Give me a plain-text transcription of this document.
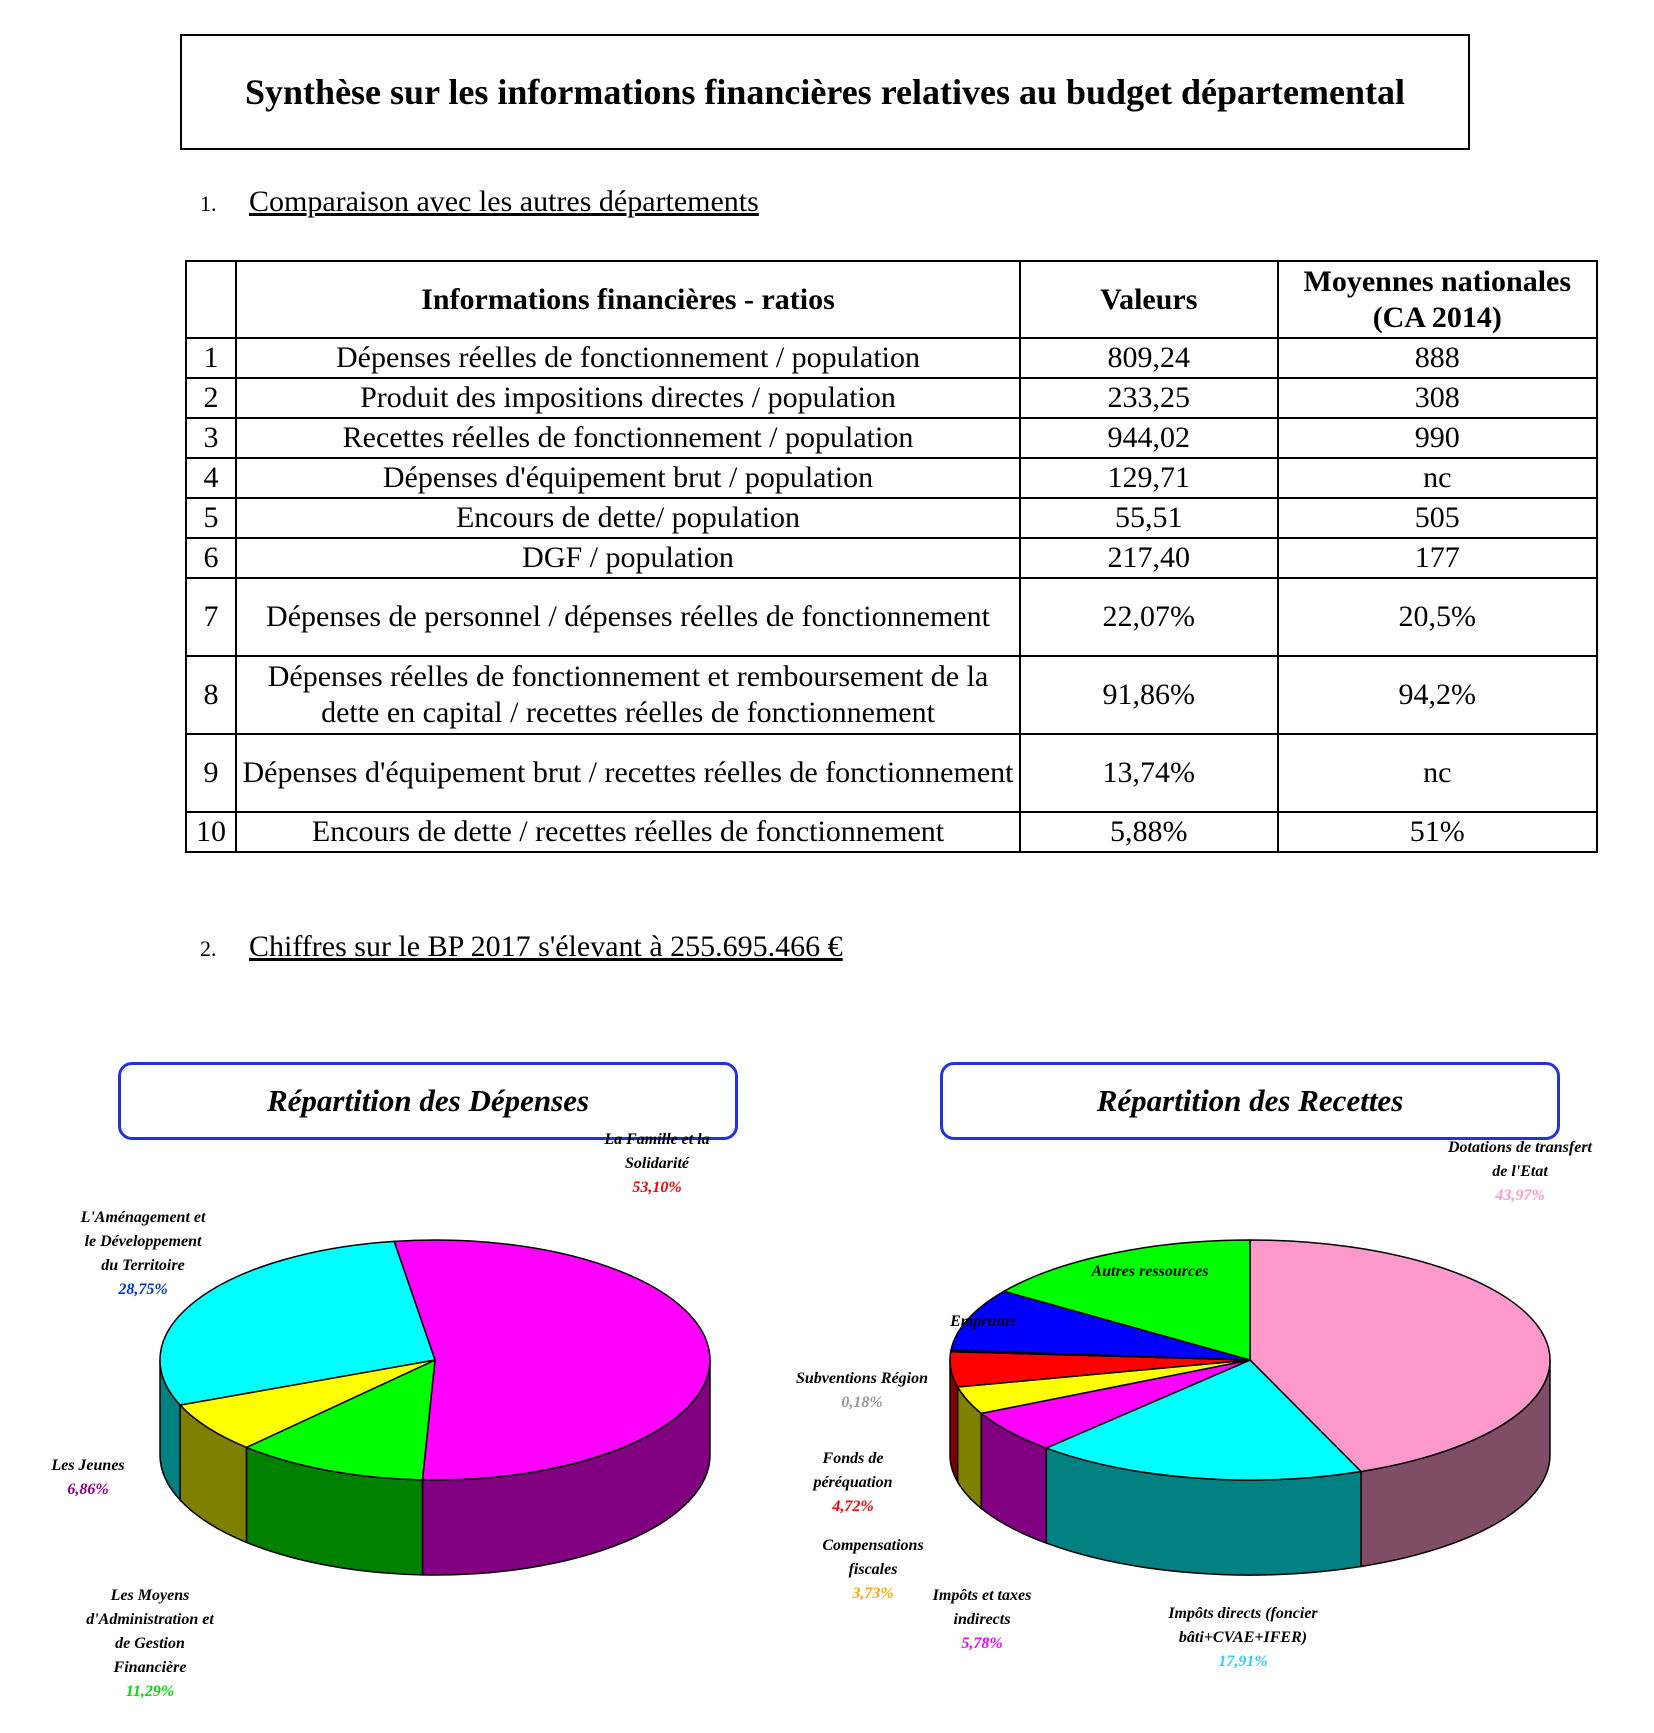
Synthèse sur les informations financières relatives au budget départemental
1. Comparaison avec les autres départements
	Informations financières - ratios	Valeurs	Moyennes nationales (CA 2014)
1	Dépenses réelles de fonctionnement / population	809,24	888
2	Produit des impositions directes / population	233,25	308
3	Recettes réelles de fonctionnement / population	944,02	990
4	Dépenses d'équipement brut / population	129,71	nc
5	Encours de dette/ population	55,51	505
6	DGF / population	217,40	177
7	Dépenses de personnel / dépenses réelles de fonctionnement	22,07%	20,5%
8	Dépenses réelles de fonctionnement et remboursement de la dette en capital / recettes réelles de fonctionnement	91,86%	94,2%
9	Dépenses d'équipement brut / recettes réelles de fonctionnement	13,74%	nc
10	Encours de dette / recettes réelles de fonctionnement	5,88%	51%
2. Chiffres sur le BP 2017 s'élevant à 255.695.466 €
Répartition des Dépenses	Répartition des Recettes
La Famille et la Solidarité
53,10%
Les Moyens d'Administration et de Gestion Financière
11,29%
Les Jeunes
6,86%
L'Aménagement et le Développement du Territoire
28,75%
Dotations de transfert de l'Etat
43,97%
Impôts directs (foncier bâti+CVAE+IFER)
17,91%
Impôts et taxes indirects
5,78%
Compensations fiscales
3,73%
Fonds de péréquation
4,72%
Subventions Région
0,18%
Emprunts
8,41%
Autres ressources
15,30%
